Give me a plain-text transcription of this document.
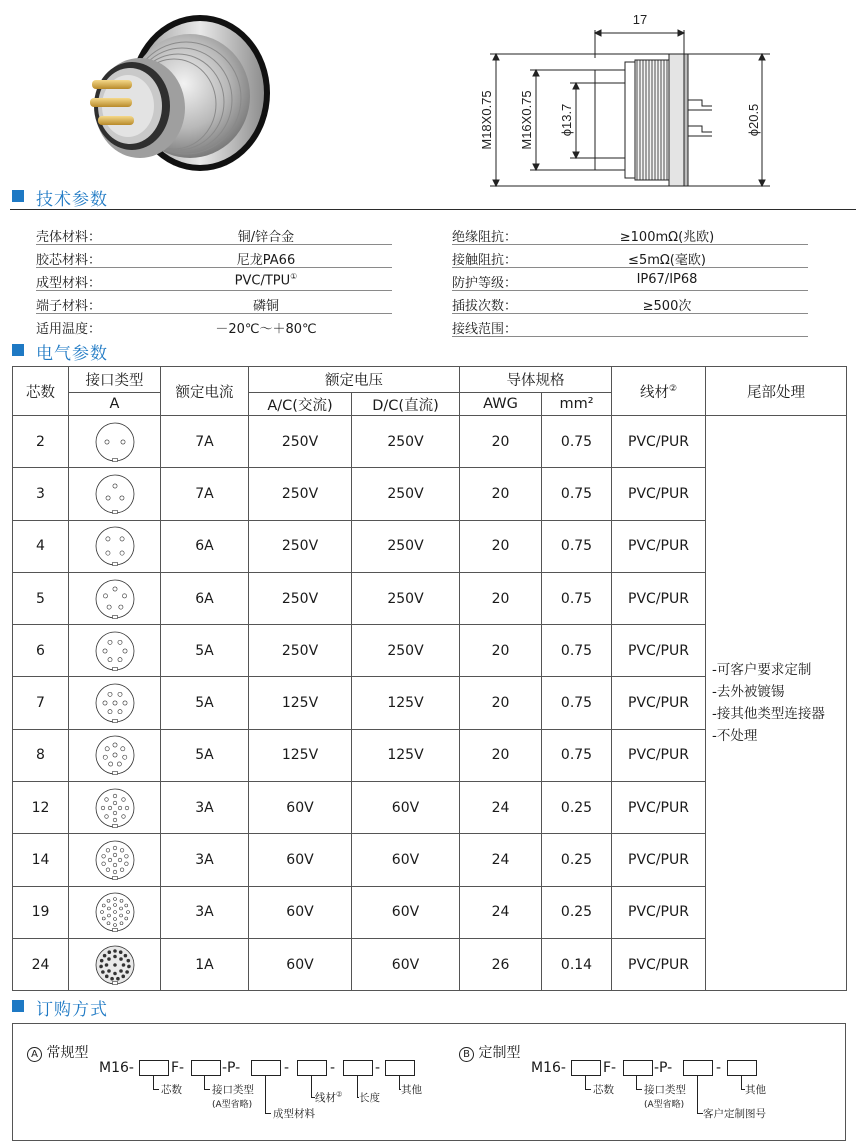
17
M18X0.75 M16X0.75 ϕ13.7	ϕ20.5
技术参数
壳体材料：	铜/锌合金
胶芯材料：	尼龙PA66
成型材料：	PVC/TPU①
端子材料：	磷铜
适用温度：	－20℃～＋80℃
绝缘阻抗：	≥100mΩ(兆欧)
接触阻抗：	≤5mΩ(毫欧)
防护等级：	IP67/IP68
插拔次数：	≥500次
接线范围：
电气参数
芯数	接口类型	额定电流	额定电压		导体规格		线材②	尾部处理
	A		A/C(交流)	D/C(直流)	AWG	mm²		
2		7A	250V	250V	20	0.75	PVC/PUR	-可客户要求定制
-去外被镀锡
-接其他类型连接器
-不处理

3		7A	250V	250V	20	0.75	PVC/PUR	
4		6A	250V	250V	20	0.75	PVC/PUR	
5		6A	250V	250V	20	0.75	PVC/PUR	
6		5A	250V	250V	20	0.75	PVC/PUR	
7		5A	125V	125V	20	0.75	PVC/PUR	
8		5A	125V	125V	20	0.75	PVC/PUR	
12		3A	60V	60V	24	0.25	PVC/PUR	
14		3A	60V	60V	24	0.25	PVC/PUR	
19		3A	60V	60V	24	0.25	PVC/PUR	
24		1A	60V	60V	26	0.14	PVC/PUR	
订购方式
A 常规型
M16-	F-	-P-	-	-	-
芯数	接口类型
(A型省略)
成型材料
线材② 长度
其他
B 定制型
M16-	F-	-P-	-
芯数	接口类型
(A型省略)
客户定制图号
其他
